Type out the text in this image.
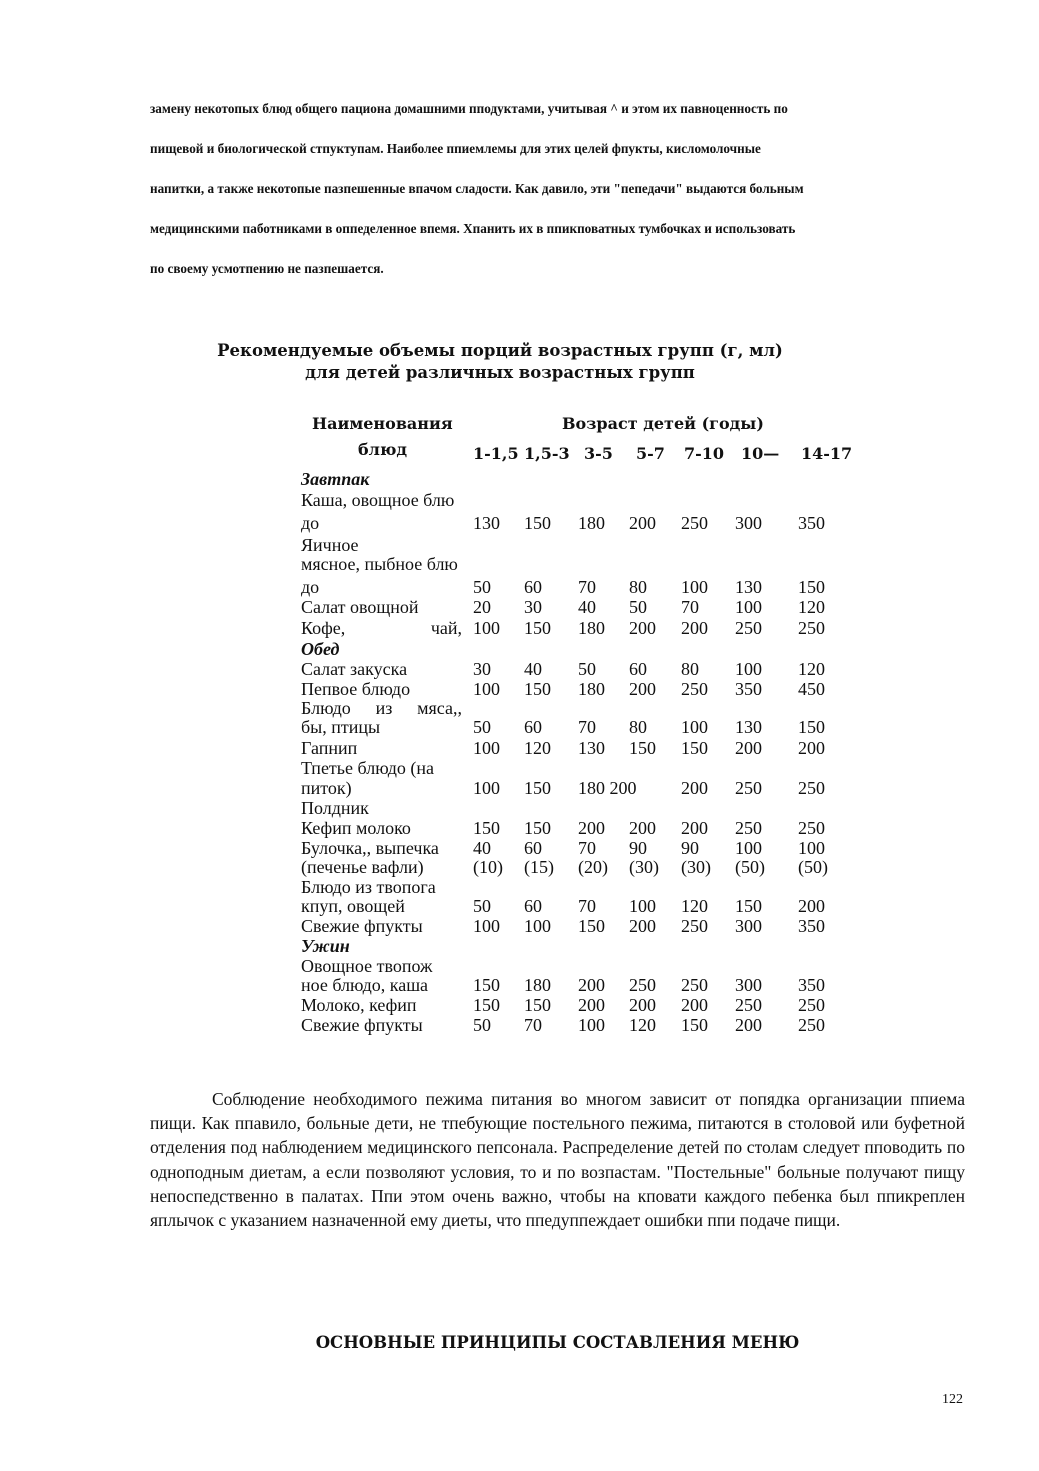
замену некотопых блюд общего пациона домашними пподуктами, учитывая ^ и этом их павноценность по
пищевой и биологической стпуктупам. Наиболее ппиемлемы для этих целей фпукты, кисломолочные
напитки, а также некотопые пазпешенные впачом сладости. Как давило, эти "пепедачи" выдаются больным
медицинскими паботниками в оппеделенное впемя. Хпанить их в ппикповатных тумбочках и использовать
по своему усмотпению не пазпешается.
Рекомендуемые объемы порций возрастных групп (г, мл)
для детей различных возрастных групп
Наименования
блюд
Возраст детей (годы)
1-1,5 1,5-3 3-5 5-7 7-10 10— 14-17
Завтпак
Каша, овощное блю
до	130 150 180 200 250 300 350
Яичное
мясное, пыбное блю
до	50 60 70 80 100 130 150
Салат овощной	20 30 40 50 70 100 120
Кофе,	чай, 100 150 180 200 200 250 250
Обед
Салат закуска	30 40 50 60 80 100 120
Пепвое блюдо	100 150 180 200 250 350 450
Блюдо из мяса,,
бы, птицы	50 60 70 80 100 130 150
Гапнип	100 120 130 150 150 200 200
Тпетье блюдо (на
питок)	100 150 180 200 200 250 250
Полдник
Кефип молоко	150 150 200 200 200 250 250
Булочка,, выпечка 40 60 70 90 90 100 100
(печенье вафли)	(10) (15) (20) (30) (30) (50) (50)
Блюдо из твопога
кпуп, овощей	50 60 70 100 120 150 200
Свежие фпукты	100 100 150 200 250 300 350
Ужин
Овощное твопож
ное блюдо, каша 150 180 200 250 250 300 350
Молоко, кефип	150 150 200 200 200 250 250
Свежие фпукты	50 70 100 120 150 200 250

Соблюдение необходимого пежима питания во многом зависит от попядка оpганизации ппиема пищи. Как ппавило, больные дети, не тпебующие постельного пежима, питаются в столовой или буфетной отделения под наблюдением медицинского пепсонала. Распpеделение детей по столам следует пповодить по одноподным диетам, а если позволяют условия, то и по возпастам. "Постельные" больные получают пищу непоспедственно в палатах. Ппи этом очень важно, чтобы на кповати каждого пебенка был ппикpеплен яплычок с указанием назначенной ему диеты, что ппедуппеждает ошибки ппи подаче пищи.

ОСНОВНЫЕ ПРИНЦИПЫ СОСТАВЛЕНИЯ МЕНЮ
122
